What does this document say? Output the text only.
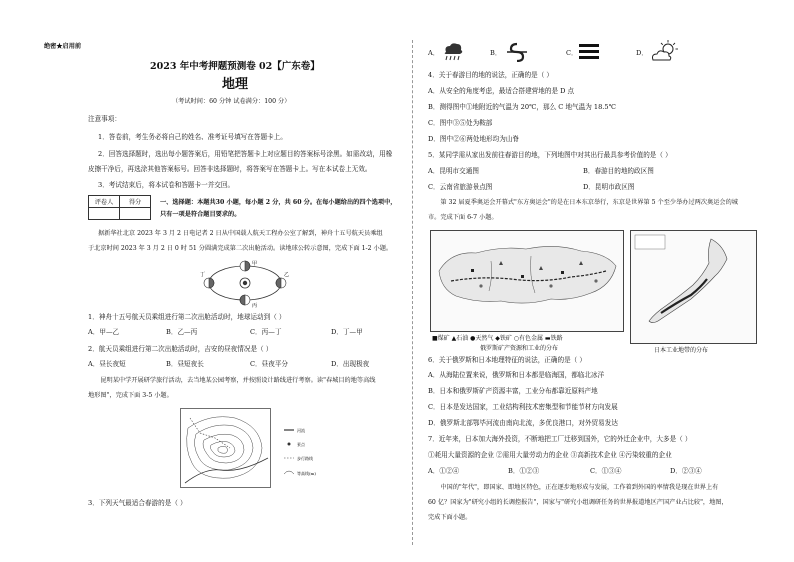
绝密★启用前
2023 年中考押题预测卷 02【广东卷】
地理
（考试时间：60 分钟 试卷满分：100 分）
注意事项：
1．答卷前，考生务必将自己的姓名、准考证号填写在答题卡上。
2．回答选择题时，选出每小题答案后，用铅笔把答题卡上对应题目的答案标号涂黑。如需改动，用橡
皮擦干净后，再选涂其他答案标号。回答非选择题时，将答案写在答题卡上。写在本试卷上无效。
3．考试结束后，将本试卷和答题卡一并交回。
评卷人	得分
		一、选择题：本题共30 小题，每小题 2 分，共 60 分。在每小题给出的四个选项中，
只有一项是符合题目要求的。
据新华社北京 2023 年 3 月 2 日电记者 2 日从中国载人航天工程办公室了解到，神舟十五号航天员乘组
于北京时间 2023 年 3 月 2 日 0 时 51 分圆满完成第二次出舱活动。读地球公转示意图，完成下面 1-2 小题。
甲
乙
丙
丁
1．神舟十五号航天员乘组进行第二次出舱活动时，地球运动到（ ）
A．甲—乙	B．乙—丙	C．丙—丁	D．丁—甲
2．航天员乘组进行第二次出舱活动时，吉安的昼夜情况是（ ）
A．昼长夜短	B．昼短夜长	C．昼夜平分	D．出现极夜
　　昆明某中学开展研学旅行活动，去当地某公园考察，并按照设计路线进行考察。读"春城目的地等高线
地形图"，完成下面 3-5 小题。
河流
景点
步行路线
等高线(m)
3．下列天气最适合春游的是（ ）
A．	B．	C．	D．
4．关于春游目的地的说法，正确的是（ ）
A．从安全的角度考虑，最适合搭建营地的是 D 点
B．测得图中①地附近的气温为 20℃，那么 C 地气温为 18.5℃
C．图中③⑤处为鞍部
D．图中②⑥两处地形均为山脊
5．某同学需从家出发前往春游目的地，下列地图中对其出行最具参考价值的是（ ）
A．昆明市交通图	B．春游目的地的政区图
C．云南省旅游景点图	D．昆明市政区图
　　第 32 届夏季奥运会开幕式"东方奥运会"的是在日本东京举行，东京是世界第 5 个至少举办过两次奥运会的城
市。完成下面 6-7 小题。
■煤矿 ▲石油 ●天然气 ◆铁矿 ○有色金属 ▬铁路
俄罗斯矿产资源和工业的分布	日本工业地带的分布
6．关于俄罗斯和日本地理特征的说法，正确的是（ ）
A．从海陆位置来说，俄罗斯和日本都是临海国，都临北冰洋
B．日本和俄罗斯矿产资源丰富，工业分布都靠近原料产地
C．日本是发达国家，工业结构利技术密集型和节能节材方向发展
D．俄罗斯北部鄂毕河流由南向北流，多优良港口，对外贸易发达
7．近年来，日本加大海外投资，不断地把工厂迁移到国外，它的外迁企业中，大多是（ ）
①耗用大量资源的企业 ②需用大量劳动力的企业 ③高新技术企业 ④污染较重的企业
A．①②④	B．①②③	C．①③④	D．②③④
　　中国的"年代"，即国家、即地区特色，正在逐步地形成与发展，工作着到外国的率情我是现在世界上有
60 亿？国家为"研究小组的长调控报告"，国家与"研究小组调研任务的世界报道地区产国产业占比较"，地图，
完成下面小题。
